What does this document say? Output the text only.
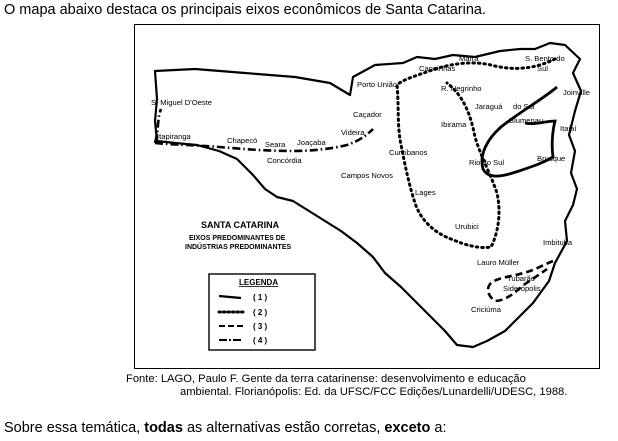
O mapa abaixo destaca os principais eixos econômicos de Santa Catarina.
Mafra	S. Bento do
Sul
Canoinhas
Porto União	R. Negrinho	Joinville
Jaraguá do Sul
Blumenau
Itajaí
Brusque
Caçador
Ibirama
S. Miguel D'Oeste
Itapiranga	Chapecó Seara Joaçaba
Videira
Concórdia
Curitibanos
Rio do Sul
Campos Novos
Lages
Urubici
Imbituba
Lauro Müller
Tubarão
Siderópolis
Criciúma
SANTA CATARINA
EIXOS PREDOMINANTES DE
INDÚSTRIAS PREDOMINANTES
LEGENDA
( 1 )
( 2 )
( 3 )
( 4 )
Fonte: LAGO, Paulo F. Gente da terra catarinense: desenvolvimento e educação
ambiental. Florianópolis: Ed. da UFSC/FCC Edições/Lunardelli/UDESC, 1988.
Sobre essa temática, todas as alternativas estão corretas, exceto a:
